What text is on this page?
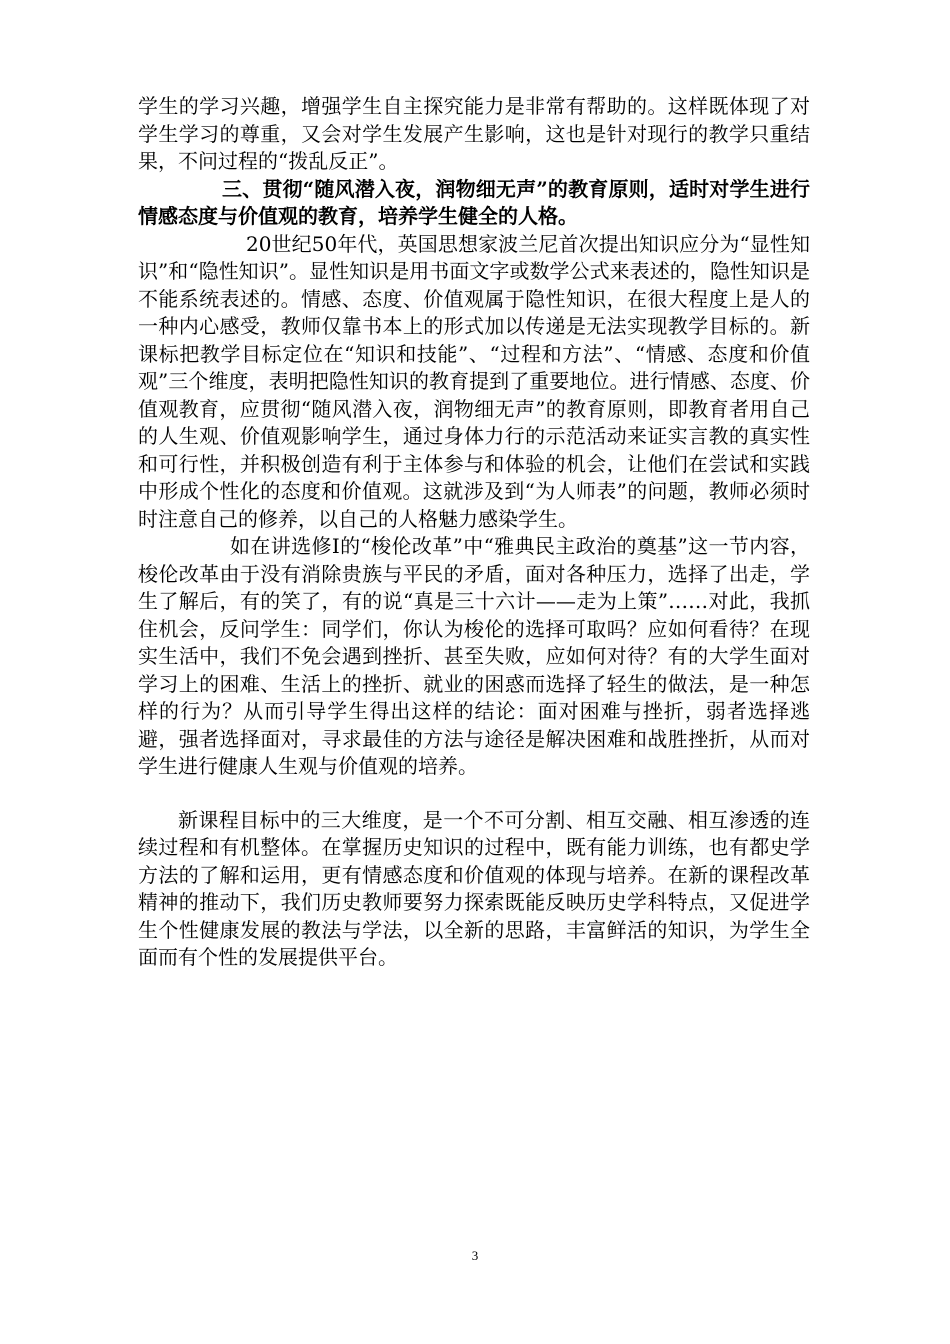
学生的学习兴趣，增强学生自主探究能力是非常有帮助的。这样既体现了对学生学习的尊重，又会对学生发展产生影响，这也是针对现行的教学只重结果，不问过程的“拨乱反正”。

三、贯彻“随风潜入夜，润物细无声”的教育原则，适时对学生进行情感态度与价值观的教育，培养学生健全的人格。

20世纪50年代，英国思想家波兰尼首次提出知识应分为“显性知识”和“隐性知识”。显性知识是用书面文字或数学公式来表述的，隐性知识是不能系统表述的。情感、态度、价值观属于隐性知识，在很大程度上是人的一种内心感受，教师仅靠书本上的形式加以传递是无法实现教学目标的。新课标把教学目标定位在“知识和技能”、“过程和方法”、“情感、态度和价值观”三个维度，表明把隐性知识的教育提到了重要地位。进行情感、态度、价值观教育，应贯彻“随风潜入夜，润物细无声”的教育原则，即教育者用自己的人生观、价值观影响学生，通过身体力行的示范活动来证实言教的真实性和可行性，并积极创造有利于主体参与和体验的机会，让他们在尝试和实践中形成个性化的态度和价值观。这就涉及到“为人师表”的问题，教师必须时时注意自己的修养，以自己的人格魅力感染学生。

如在讲选修Ⅰ的“梭伦改革”中“雅典民主政治的奠基”这一节内容，梭伦改革由于没有消除贵族与平民的矛盾，面对各种压力，选择了出走，学生了解后，有的笑了，有的说“真是三十六计——走为上策”……对此，我抓住机会，反问学生：同学们，你认为梭伦的选择可取吗？应如何看待？在现实生活中，我们不免会遇到挫折、甚至失败，应如何对待？有的大学生面对学习上的困难、生活上的挫折、就业的困惑而选择了轻生的做法，是一种怎样的行为？从而引导学生得出这样的结论：面对困难与挫折，弱者选择逃避，强者选择面对，寻求最佳的方法与途径是解决困难和战胜挫折，从而对学生进行健康人生观与价值观的培养。

新课程目标中的三大维度，是一个不可分割、相互交融、相互渗透的连续过程和有机整体。在掌握历史知识的过程中，既有能力训练，也有都史学方法的了解和运用，更有情感态度和价值观的体现与培养。在新的课程改革精神的推动下，我们历史教师要努力探索既能反映历史学科特点，又促进学生个性健康发展的教法与学法，以全新的思路，丰富鲜活的知识，为学生全面而有个性的发展提供平台。

3
